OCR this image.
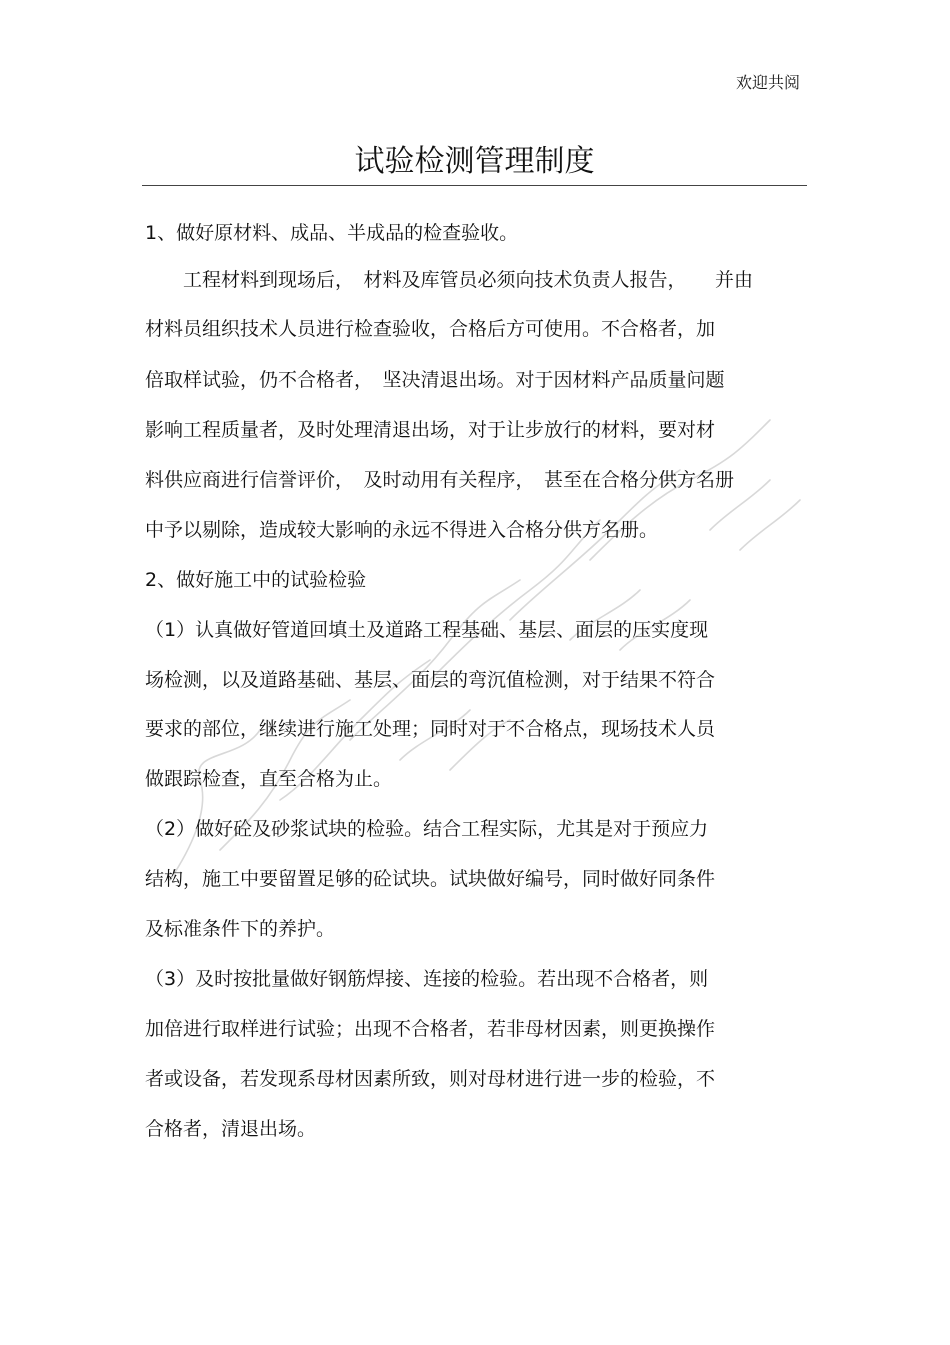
欢迎共阅
试验检测管理制度
1、做好原材料、成品、半成品的检查验收。
　　工程材料到现场后，　材料及库管员必须向技术负责人报告，　　并由
材料员组织技术人员进行检查验收，合格后方可使用。不合格者，加
倍取样试验，仍不合格者，　坚决清退出场。对于因材料产品质量问题
影响工程质量者，及时处理清退出场，对于让步放行的材料，要对材
料供应商进行信誉评价，　及时动用有关程序，　甚至在合格分供方名册
中予以剔除，造成较大影响的永远不得进入合格分供方名册。
2、做好施工中的试验检验
（1）认真做好管道回填土及道路工程基础、基层、面层的压实度现
场检测，以及道路基础、基层、面层的弯沉值检测，对于结果不符合
要求的部位，继续进行施工处理；同时对于不合格点，现场技术人员
做跟踪检查，直至合格为止。
（2）做好砼及砂浆试块的检验。结合工程实际，尤其是对于预应力
结构，施工中要留置足够的砼试块。试块做好编号，同时做好同条件
及标准条件下的养护。
（3）及时按批量做好钢筋焊接、连接的检验。若出现不合格者，则
加倍进行取样进行试验；出现不合格者，若非母材因素，则更换操作
者或设备，若发现系母材因素所致，则对母材进行进一步的检验，不
合格者，清退出场。
